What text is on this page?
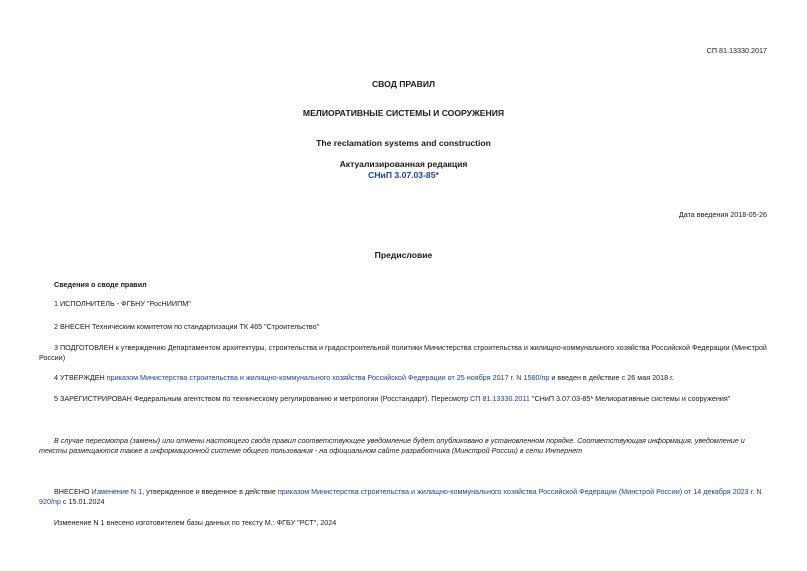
СП 81.13330.2017
СВОД ПРАВИЛ
МЕЛИОРАТИВНЫЕ СИСТЕМЫ И СООРУЖЕНИЯ
The reclamation systems and construction
Актуализированная редакция
СНиП 3.07.03-85*
Дата введения 2018-05-26
Предисловие
Сведения о своде правил
1 ИСПОЛНИТЕЛЬ - ФГБНУ "РосНИИПМ"
2 ВНЕСЕН Техническим комитетом по стандартизации ТК 465 "Строительство"
3 ПОДГОТОВЛЕН к утверждению Департаментом архитектуры, строительства и градостроительной политики Министерства строительства и жилищно-коммунального хозяйства Российской Федерации (Минстрой России)
4 УТВЕРЖДЕН приказом Министерства строительства и жилищно-коммунального хозяйства Российской Федерации от 25 ноября 2017 г. N 1580/пр и введен в действие с 26 мая 2018 г.
5 ЗАРЕГИСТРИРОВАН Федеральным агентством по техническому регулированию и метрологии (Росстандарт). Пересмотр СП 81.13330.2011 "СНиП 3.07.03-85* Мелиоративные системы и сооружения"
В случае пересмотра (замены) или отмены настоящего свода правил соответствующее уведомление будет опубликовано в установленном порядке. Соответствующая информация, уведомление и тексты размещаются также в информационной системе общего пользования - на официальном сайте разработчика (Минстрой России) в сети Интернет
ВНЕСЕНО Изменение N 1, утвержденное и введенное в действие приказом Министерства строительства и жилищно-коммунального хозяйства Российской Федерации (Минстрой России) от 14 декабря 2023 г. N 920/пр с 15.01.2024
Изменение N 1 внесено изготовителем базы данных по тексту М.: ФГБУ "РСТ", 2024
